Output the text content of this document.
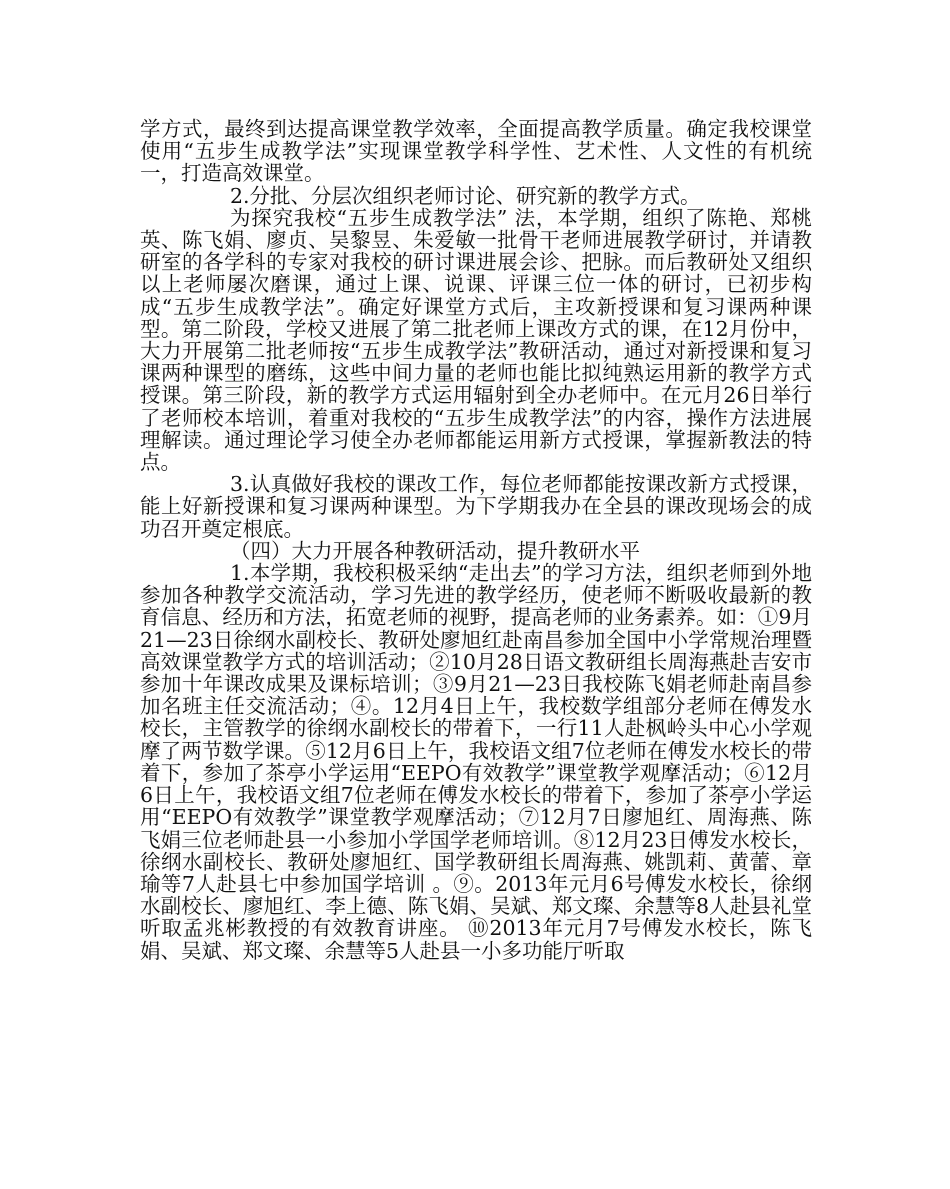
学方式，最终到达提高课堂教学效率，全面提高教学质量。确定我校课堂使用“五步生成教学法”实现课堂教学科学性、艺术性、人文性的有机统一，打造高效课堂。

2.分批、分层次组织老师讨论、研究新的教学方式。

为探究我校“五步生成教学法” 法，本学期，组织了陈艳、郑桃英、陈飞娟、廖贞、吴黎昱、朱爱敏一批骨干老师进展教学研讨，并请教研室的各学科的专家对我校的研讨课进展会诊、把脉。而后教研处又组织以上老师屡次磨课，通过上课、说课、评课三位一体的研讨，已初步构成“五步生成教学法”。确定好课堂方式后，主攻新授课和复习课两种课型。第二阶段，学校又进展了第二批老师上课改方式的课，在12月份中，大力开展第二批老师按“五步生成教学法”教研活动，通过对新授课和复习课两种课型的磨练，这些中间力量的老师也能比拟纯熟运用新的教学方式授课。第三阶段，新的教学方式运用辐射到全办老师中。在元月26日举行了老师校本培训，着重对我校的“五步生成教学法”的内容，操作方法进展理解读。通过理论学习使全办老师都能运用新方式授课，掌握新教法的特点。

3.认真做好我校的课改工作，每位老师都能按课改新方式授课，能上好新授课和复习课两种课型。为下学期我办在全县的课改现场会的成功召开奠定根底。

（四）大力开展各种教研活动，提升教研水平

1.本学期，我校积极采纳“走出去”的学习方法，组织老师到外地参加各种教学交流活动，学习先进的教学经历，使老师不断吸收最新的教育信息、经历和方法，拓宽老师的视野，提高老师的业务素养。如：①9月21—23日徐纲水副校长、教研处廖旭红赴南昌参加全国中小学常规治理暨高效课堂教学方式的培训活动；②10月28日语文教研组长周海燕赴吉安市参加十年课改成果及课标培训；③9月21—23日我校陈飞娟老师赴南昌参加名班主任交流活动；④。12月4日上午，我校数学组部分老师在傅发水校长，主管教学的徐纲水副校长的带着下，一行11人赴枫岭头中心小学观摩了两节数学课。⑤12月6日上午，我校语文组7位老师在傅发水校长的带着下，参加了茶亭小学运用“EEPO有效教学”课堂教学观摩活动；⑥12月6日上午，我校语文组7位老师在傅发水校长的带着下，参加了茶亭小学运用“EEPO有效教学”课堂教学观摩活动；⑦12月7日廖旭红、周海燕、陈飞娟三位老师赴县一小参加小学国学老师培训。⑧12月23日傅发水校长，徐纲水副校长、教研处廖旭红、国学教研组长周海燕、姚凯莉、黄蕾、章瑜等7人赴县七中参加国学培训 。⑨。2013年元月6号傅发水校长，徐纲水副校长、廖旭红、李上德、陈飞娟、吴斌、郑文璨、余慧等8人赴县礼堂听取孟兆彬教授的有效教育讲座。 ⑩2013年元月7号傅发水校长，陈飞娟、吴斌、郑文璨、余慧等5人赴县一小多功能厅听取
